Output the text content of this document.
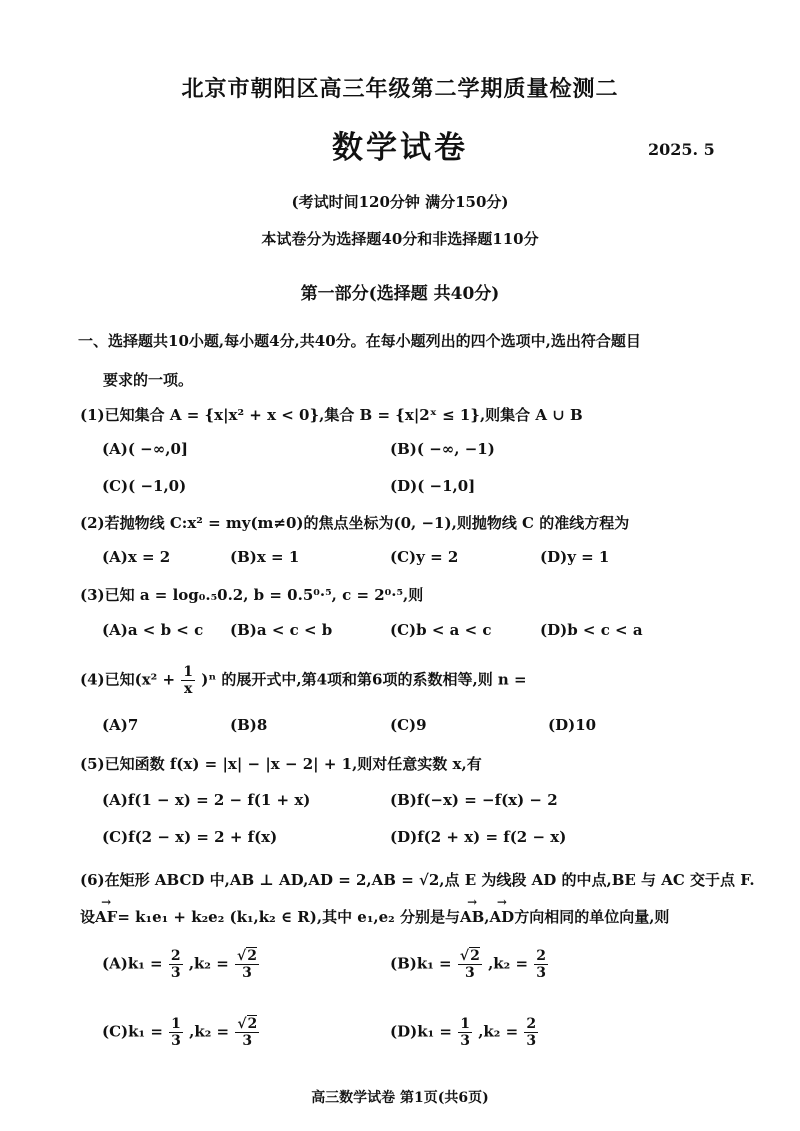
北京市朝阳区高三年级第二学期质量检测二
数学试卷	2025. 5
(考试时间120分钟 满分150分)
本试卷分为选择题40分和非选择题110分
第一部分(选择题 共40分)
一、选择题共10小题,每小题4分,共40分。在每小题列出的四个选项中,选出符合题目
要求的一项。
(1)已知集合 A = {x|x² + x < 0},集合 B = {x|2ˣ ≤ 1},则集合 A ∪ B
(A)( −∞,0]	(B)( −∞, −1)
(C)( −1,0)	(D)( −1,0]
(2)若抛物线 C:x² = my(m≠0)的焦点坐标为(0, −1),则抛物线 C 的准线方程为
(A)x = 2	(B)x = 1	(C)y = 2	(D)y = 1
(3)已知 a = log₀.₅0.2, b = 0.5⁰·⁵, c = 2⁰·⁵,则
(A)a < b < c (B)a < c < b	(C)b < a < c	(D)b < c < a
(4)已知$(x^2 + \frac{1}{x} )^n$ 的展开式中,第4项和第6项的系数相等,则 n =
(A)7	(B)8	(C)9	(D)10
(5)已知函数 f(x) = |x| − |x − 2| + 1,则对任意实数 x,有
(A)f(1 − x) = 2 − f(1 + x)	(B)f(−x) = −f(x) − 2
(C)f(2 − x) = 2 + f(x)	(D)f(2 + x) = f(2 − x)
(6)在矩形 ABCD 中,AB ⊥ AD,AD = 2,AB = √2,点 E 为线段 AD 的中点,BE 与 AC 交于点 F.
设→ AF= k₁e₁ + k₂e₂ (k₁,k₂ ∈ R),其中 e₁,e₂ 分别是与→ AB,→ AD方向相同的单位向量,则
$(A)k_1 = \frac{2}{3} ,k_2 = \frac{√2}{3}$	$(B)k_1 = \frac{√2}{3} ,k_2 = \frac{2}{3}$
$(C)k_1 = \frac{1}{3} ,k_2 = \frac{√2}{3}$	$(D)k_1 = \frac{1}{3} ,k_2 = \frac{2}{3}$
高三数学试卷 第1页(共6页)
